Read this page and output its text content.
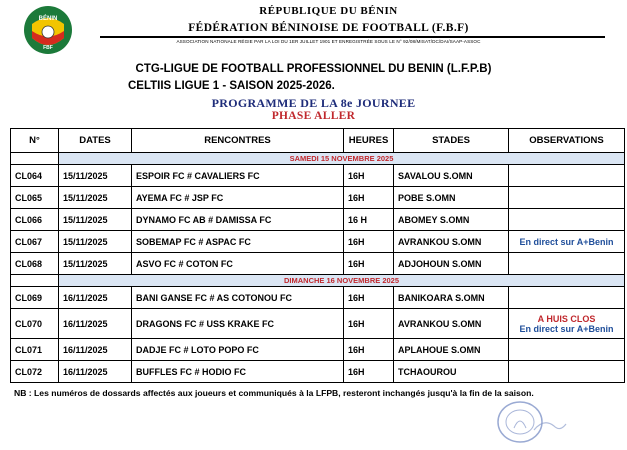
BÉNIN
FBF
RÉPUBLIQUE DU BÉNIN
FÉDÉRATION BÉNINOISE DE FOOTBALL (F.B.F)
ASSOCIATION NATIONALE RÉGIE PAR LA LOI DU 1ER JUILLET 1901 ET ENREGISTRÉE SOUS LE N° 92/08/MISAT/DC/DAI/SAAP-ASSOC
CTG-LIGUE DE FOOTBALL PROFESSIONNEL DU BENIN (L.F.P.B)
CELTIIS LIGUE 1 - SAISON 2025-2026.
PROGRAMME DE LA 8e JOURNEE
PHASE ALLER
N°	DATES	RENCONTRES	HEURES	STADES	OBSERVATIONS
	SAMEDI 15 NOVEMBRE 2025				
CL064	15/11/2025	ESPOIR FC # CAVALIERS FC	16H	SAVALOU S.OMN	
CL065	15/11/2025	AYEMA FC # JSP FC	16H	POBE S.OMN	
CL066	15/11/2025	DYNAMO FC AB # DAMISSA FC	16 H	ABOMEY S.OMN	
CL067	15/11/2025	SOBEMAP FC # ASPAC FC	16H	AVRANKOU S.OMN	En direct sur A+Benin

CL068	15/11/2025	ASVO FC # COTON FC	16H	ADJOHOUN S.OMN	
	DIMANCHE 16 NOVEMBRE 2025				
CL069	16/11/2025	BANI GANSE FC # AS COTONOU FC	16H	BANIKOARA S.OMN	
CL070	16/11/2025	DRAGONS FC # USS KRAKE FC	16H	AVRANKOU S.OMN	A HUIS CLOS
En direct sur A+Benin

CL071	16/11/2025	DADJE FC # LOTO POPO FC	16H	APLAHOUE S.OMN	
CL072	16/11/2025	BUFFLES FC # HODIO FC	16H	TCHAOUROU	
NB : Les numéros de dossards affectés aux joueurs et communiqués à la LFPB, resteront inchangés jusqu'à la fin de la saison.
